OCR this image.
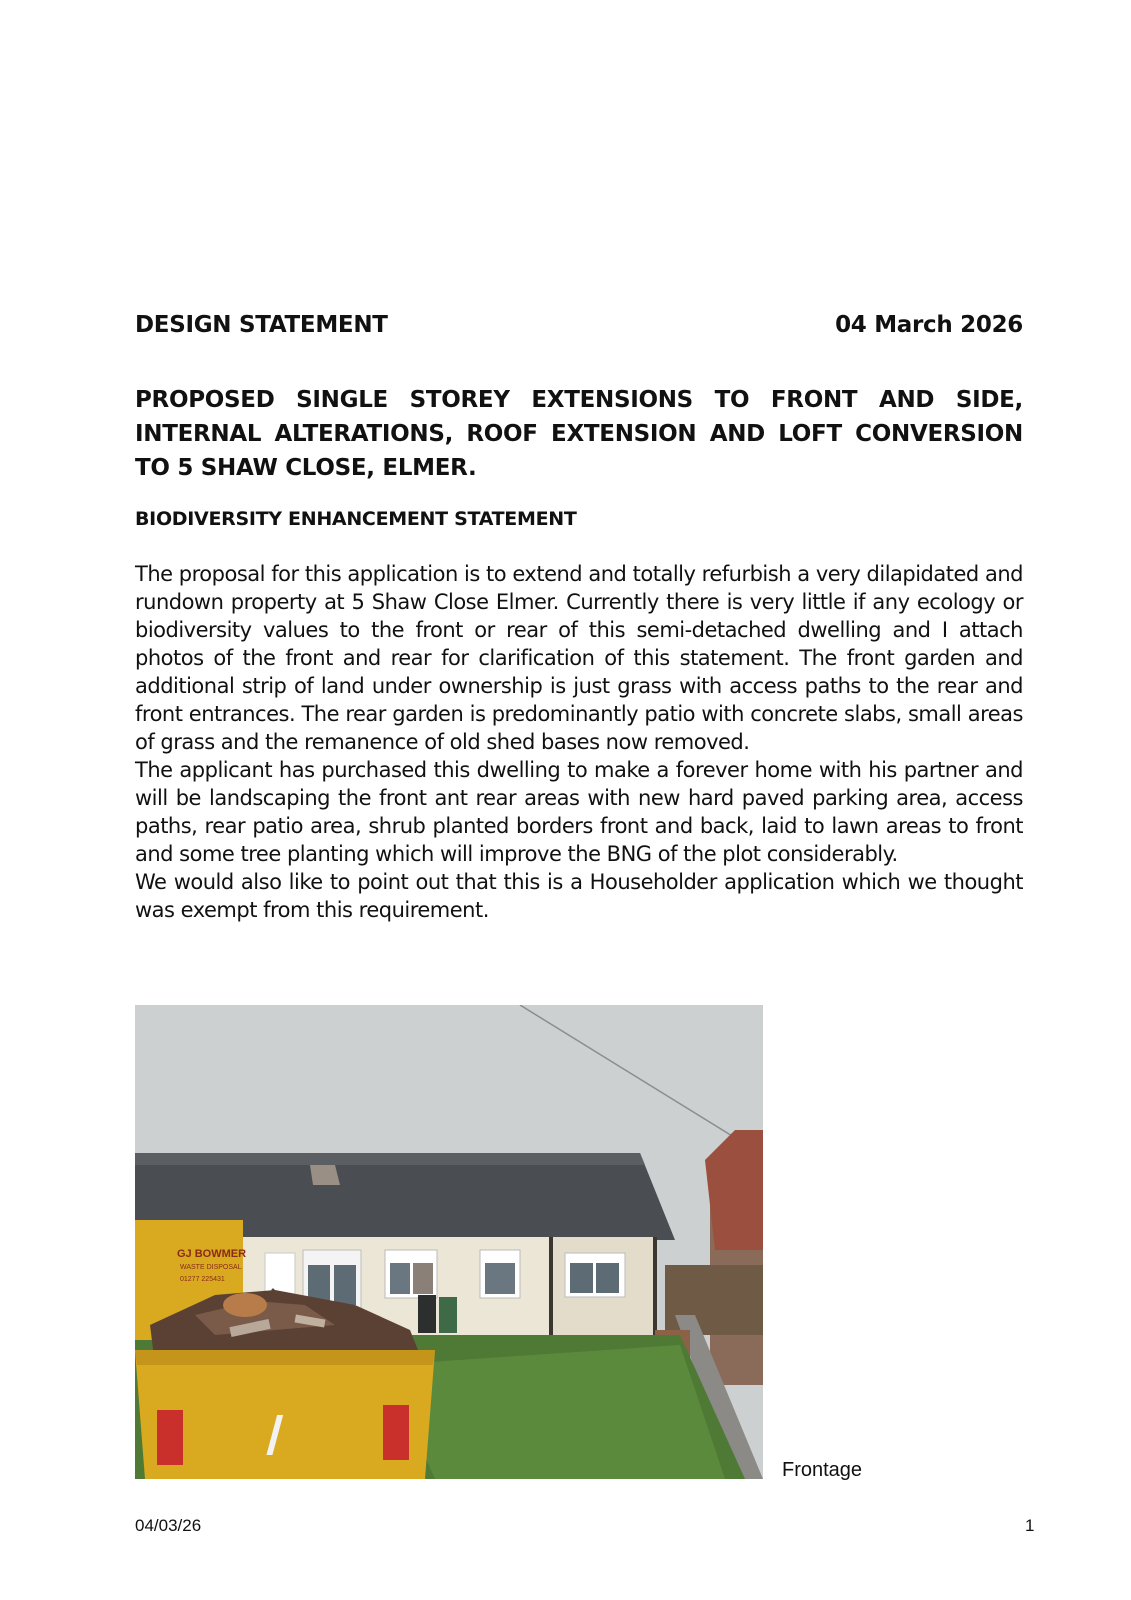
DESIGN STATEMENT	04 March 2026
PROPOSED SINGLE STOREY EXTENSIONS TO FRONT AND SIDE, INTERNAL ALTERATIONS, ROOF EXTENSION AND LOFT CONVERSION TO 5 SHAW CLOSE, ELMER.
BIODIVERSITY ENHANCEMENT STATEMENT

The proposal for this application is to extend and totally refurbish a very dilapidated and rundown property at 5 Shaw Close Elmer. Currently there is very little if any ecology or biodiversity values to the front or rear of this semi-detached dwelling and I attach photos of the front and rear for clarification of this statement. The front garden and additional strip of land under ownership is just grass with access paths to the rear and front entrances. The rear garden is predominantly patio with concrete slabs, small areas of grass and the remanence of old shed bases now removed.

The applicant has purchased this dwelling to make a forever home with his partner and will be landscaping the front ant rear areas with new hard paved parking area, access paths, rear patio area, shrub planted borders front and back, laid to lawn areas to front and some tree planting which will improve the BNG of the plot considerably.

We would also like to point out that this is a Householder application which we thought was exempt from this requirement.

GJ BOWMER
WASTE DISPOSAL
01277 225431
Frontage
04/03/26	1
